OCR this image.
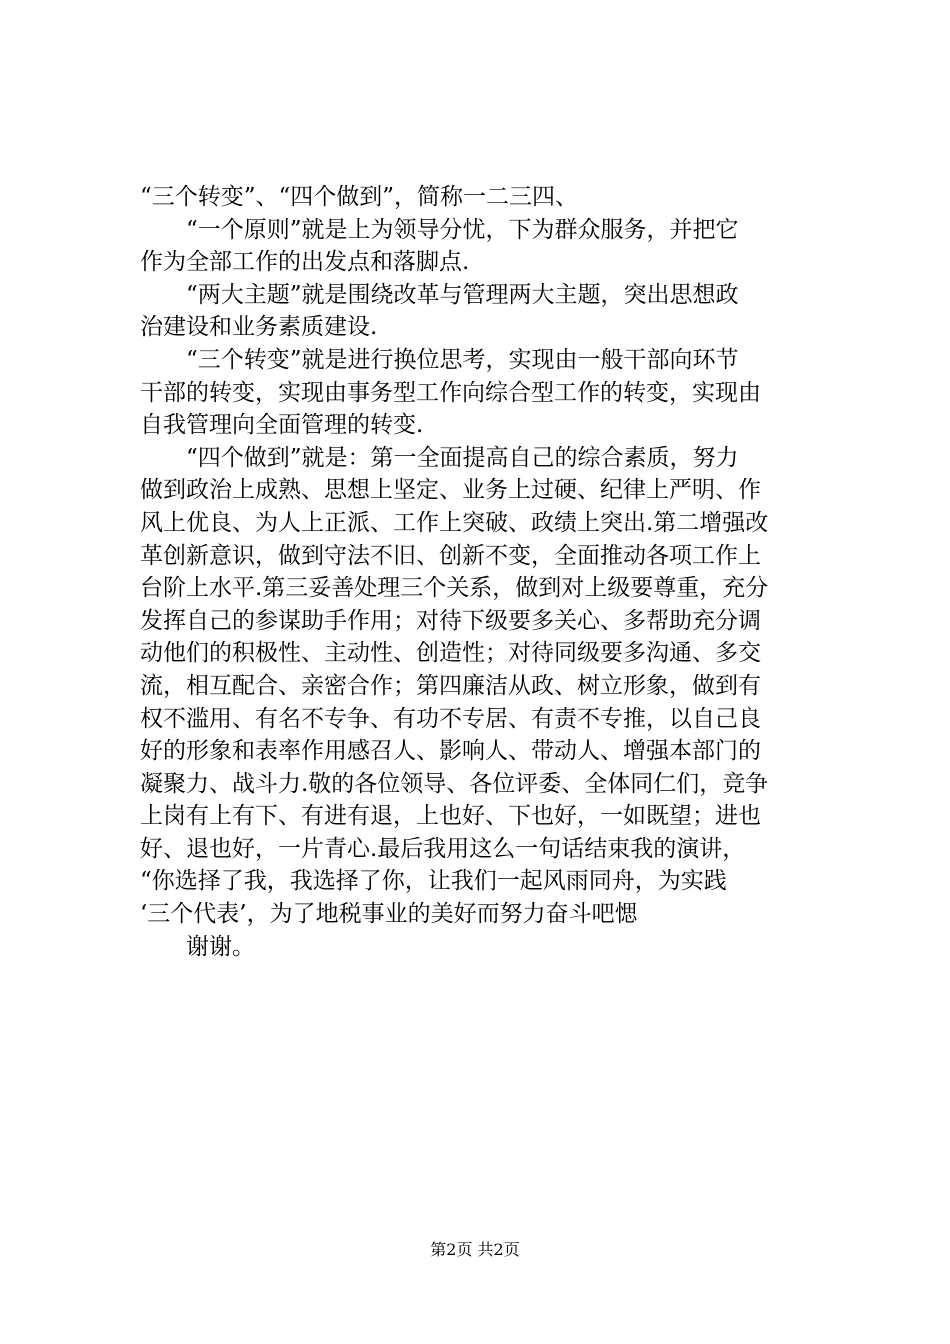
“三个转变”、“四个做到”，简称一二三四、
“一个原则”就是上为领导分忧，下为群众服务，并把它
作为全部工作的出发点和落脚点.
“两大主题”就是围绕改革与管理两大主题，突出思想政
治建设和业务素质建设.
“三个转变”就是进行换位思考，实现由一般干部向环节
干部的转变，实现由事务型工作向综合型工作的转变，实现由
自我管理向全面管理的转变.
“四个做到”就是：第一全面提高自己的综合素质，努力
做到政治上成熟、思想上坚定、业务上过硬、纪律上严明、作
风上优良、为人上正派、工作上突破、政绩上突出.第二增强改
革创新意识，做到守法不旧、创新不变，全面推动各项工作上
台阶上水平.第三妥善处理三个关系，做到对上级要尊重，充分
发挥自己的参谋助手作用；对待下级要多关心、多帮助充分调
动他们的积极性、主动性、创造性；对待同级要多沟通、多交
流，相互配合、亲密合作；第四廉洁从政、树立形象，做到有
权不滥用、有名不专争、有功不专居、有责不专推，以自己良
好的形象和表率作用感召人、影响人、带动人、增强本部门的
凝聚力、战斗力.敬的各位领导、各位评委、全体同仁们，竞争
上岗有上有下、有进有退，上也好、下也好，一如既望；进也
好、退也好，一片青心.最后我用这么一句话结束我的演讲，
“你选择了我，我选择了你，让我们一起风雨同舟，为实践
‘三个代表’，为了地税事业的美好而努力奋斗吧愢
谢谢。
第2页 共2页
